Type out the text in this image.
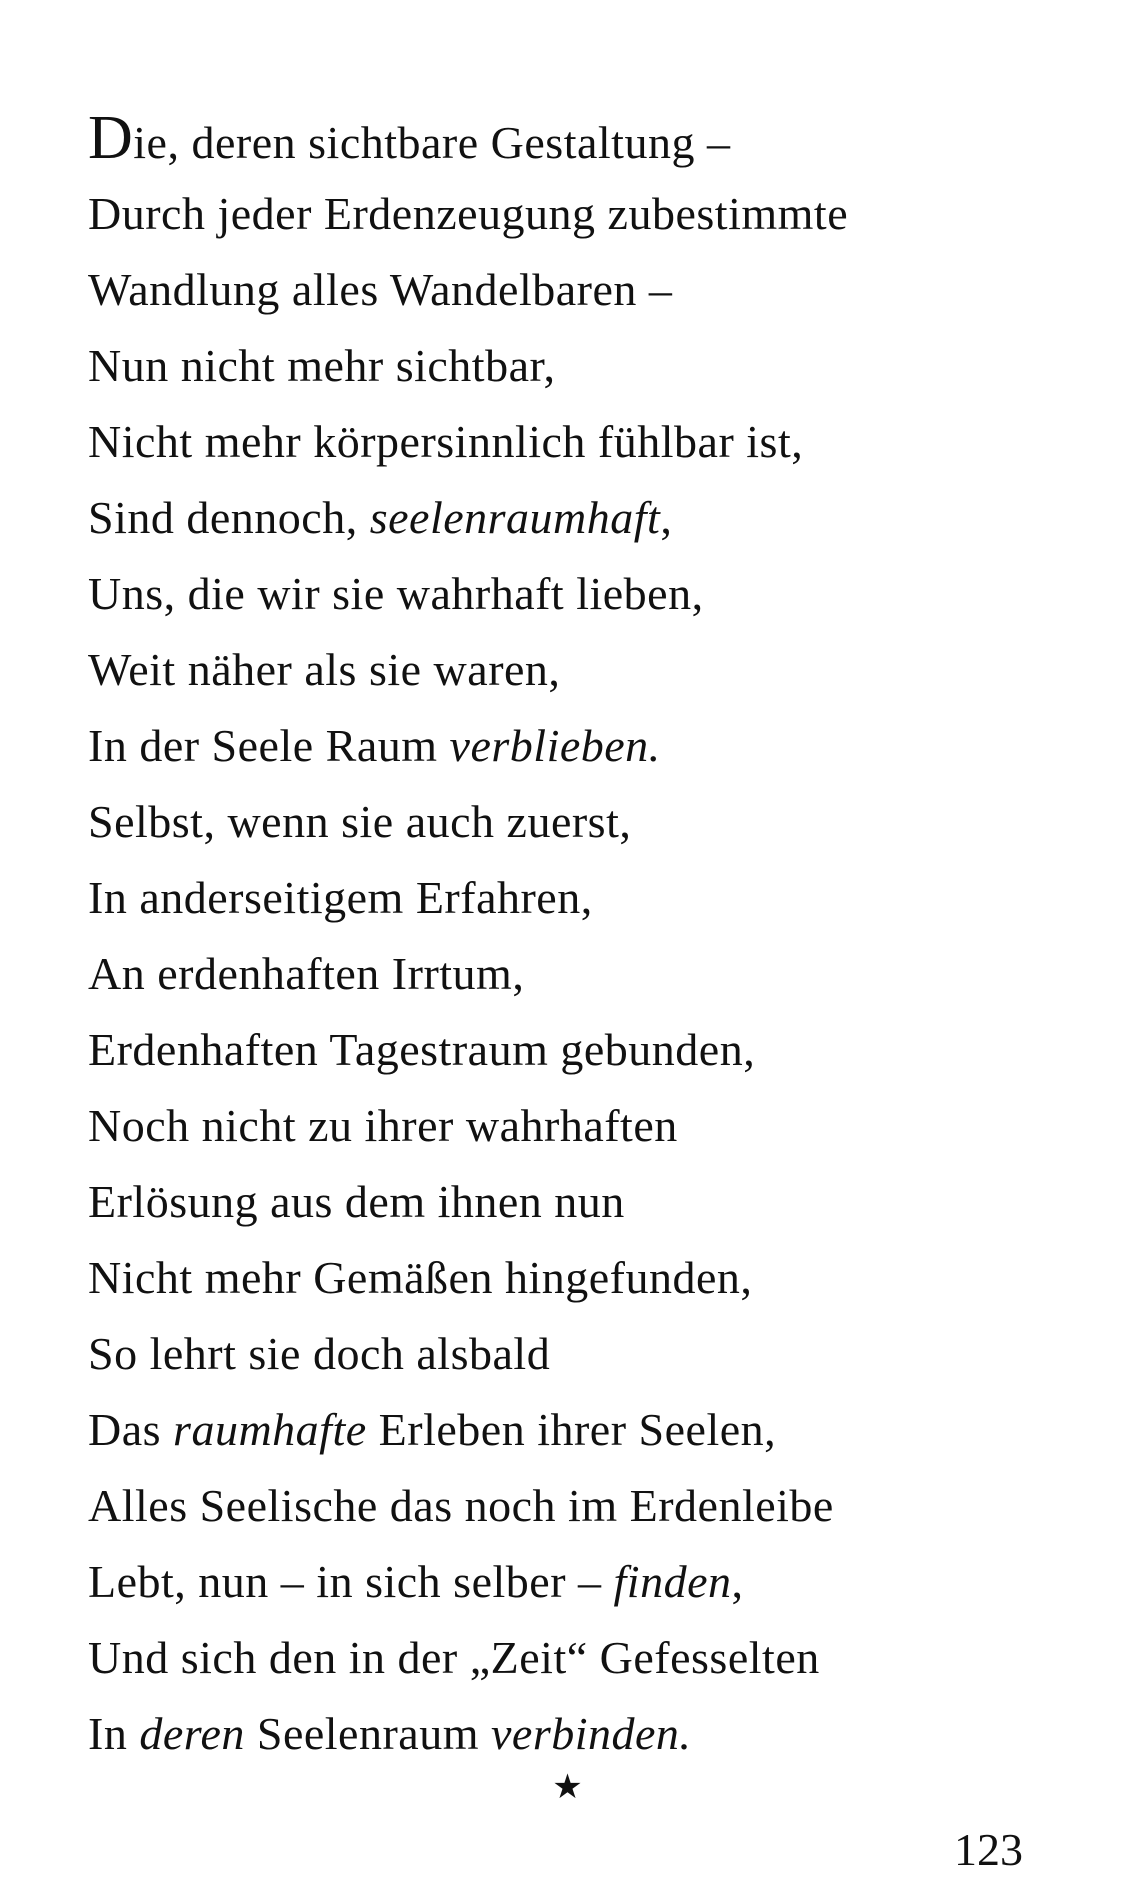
Die, deren sichtbare Gestaltung –
Durch jeder Erdenzeugung zubestimmte
Wandlung alles Wandelbaren –
Nun nicht mehr sichtbar,
Nicht mehr körpersinnlich fühlbar ist,
Sind dennoch, seelenraumhaft,
Uns, die wir sie wahrhaft lieben,
Weit näher als sie waren,
In der Seele Raum verblieben.
Selbst, wenn sie auch zuerst,
In anderseitigem Erfahren,
An erdenhaften Irrtum,
Erdenhaften Tagestraum gebunden,
Noch nicht zu ihrer wahrhaften
Erlösung aus dem ihnen nun
Nicht mehr Gemäßen hingefunden,
So lehrt sie doch alsbald
Das raumhafte Erleben ihrer Seelen,
Alles Seelische das noch im Erdenleibe
Lebt, nun – in sich selber – finden,
Und sich den in der „Zeit“ Gefesselten
In deren Seelenraum verbinden.
★
123
